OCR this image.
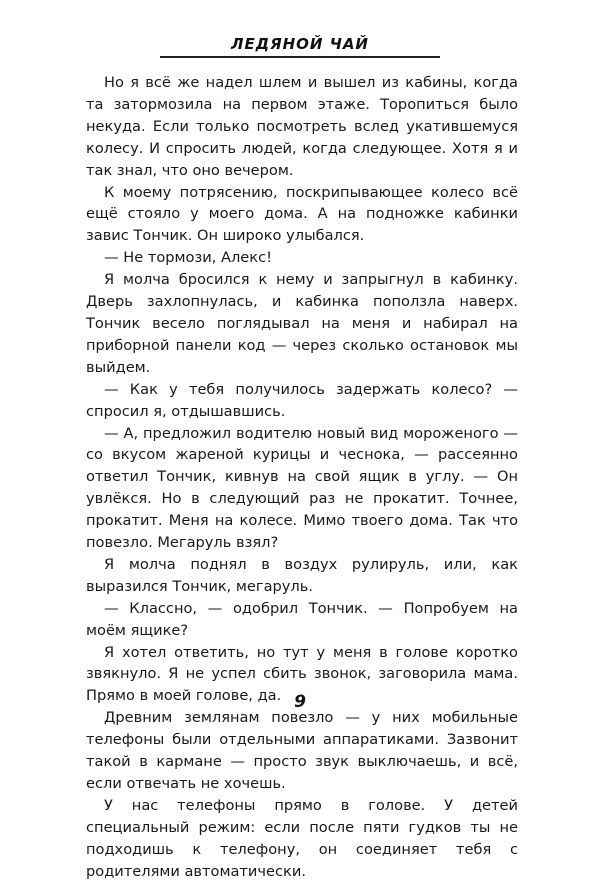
ЛЕДЯНОЙ ЧАЙ

Но я всё же надел шлем и вышел из кабины, когда та затормозила на первом этаже. Торопиться было некуда. Если только посмотреть вслед укатившемуся колесу. И спросить людей, когда следующее. Хотя я и так знал, что оно вечером.

К моему потрясению, поскрипывающее колесо всё ещё стояло у моего дома. А на подножке кабинки завис Тончик. Он широко улыбался.

— Не тормози, Алекс!

Я молча бросился к нему и запрыгнул в кабинку. Дверь захлопнулась, и кабинка поползла наверх. Тончик весело поглядывал на меня и набирал на приборной панели код — через сколько остановок мы выйдем.

— Как у тебя получилось задержать колесо? — спросил я, отдышавшись.

— А, предложил водителю новый вид мороженого — со вкусом жареной курицы и чеснока, — рассеянно ответил Тончик, кивнув на свой ящик в углу. — Он увлёкся. Но в следующий раз не прокатит. Точнее, прокатит. Меня на колесе. Мимо твоего дома. Так что повезло. Мегаруль взял?

Я молча поднял в воздух рулируль, или, как выразился Тончик, мегаруль.

— Классно, — одобрил Тончик. — Попробуем на моём ящике?

Я хотел ответить, но тут у меня в голове коротко звякнуло. Я не успел сбить звонок, заговорила мама. Прямо в моей голове, да.

Древним землянам повезло — у них мобильные телефоны были отдельными аппаратиками. Зазвонит такой в кармане — просто звук выключаешь, и всё, если отвечать не хочешь.

У нас телефоны прямо в голове. У детей специальный режим: если после пяти гудков ты не подходишь к телефону, он соединяет тебя с родителями автоматически.

9
